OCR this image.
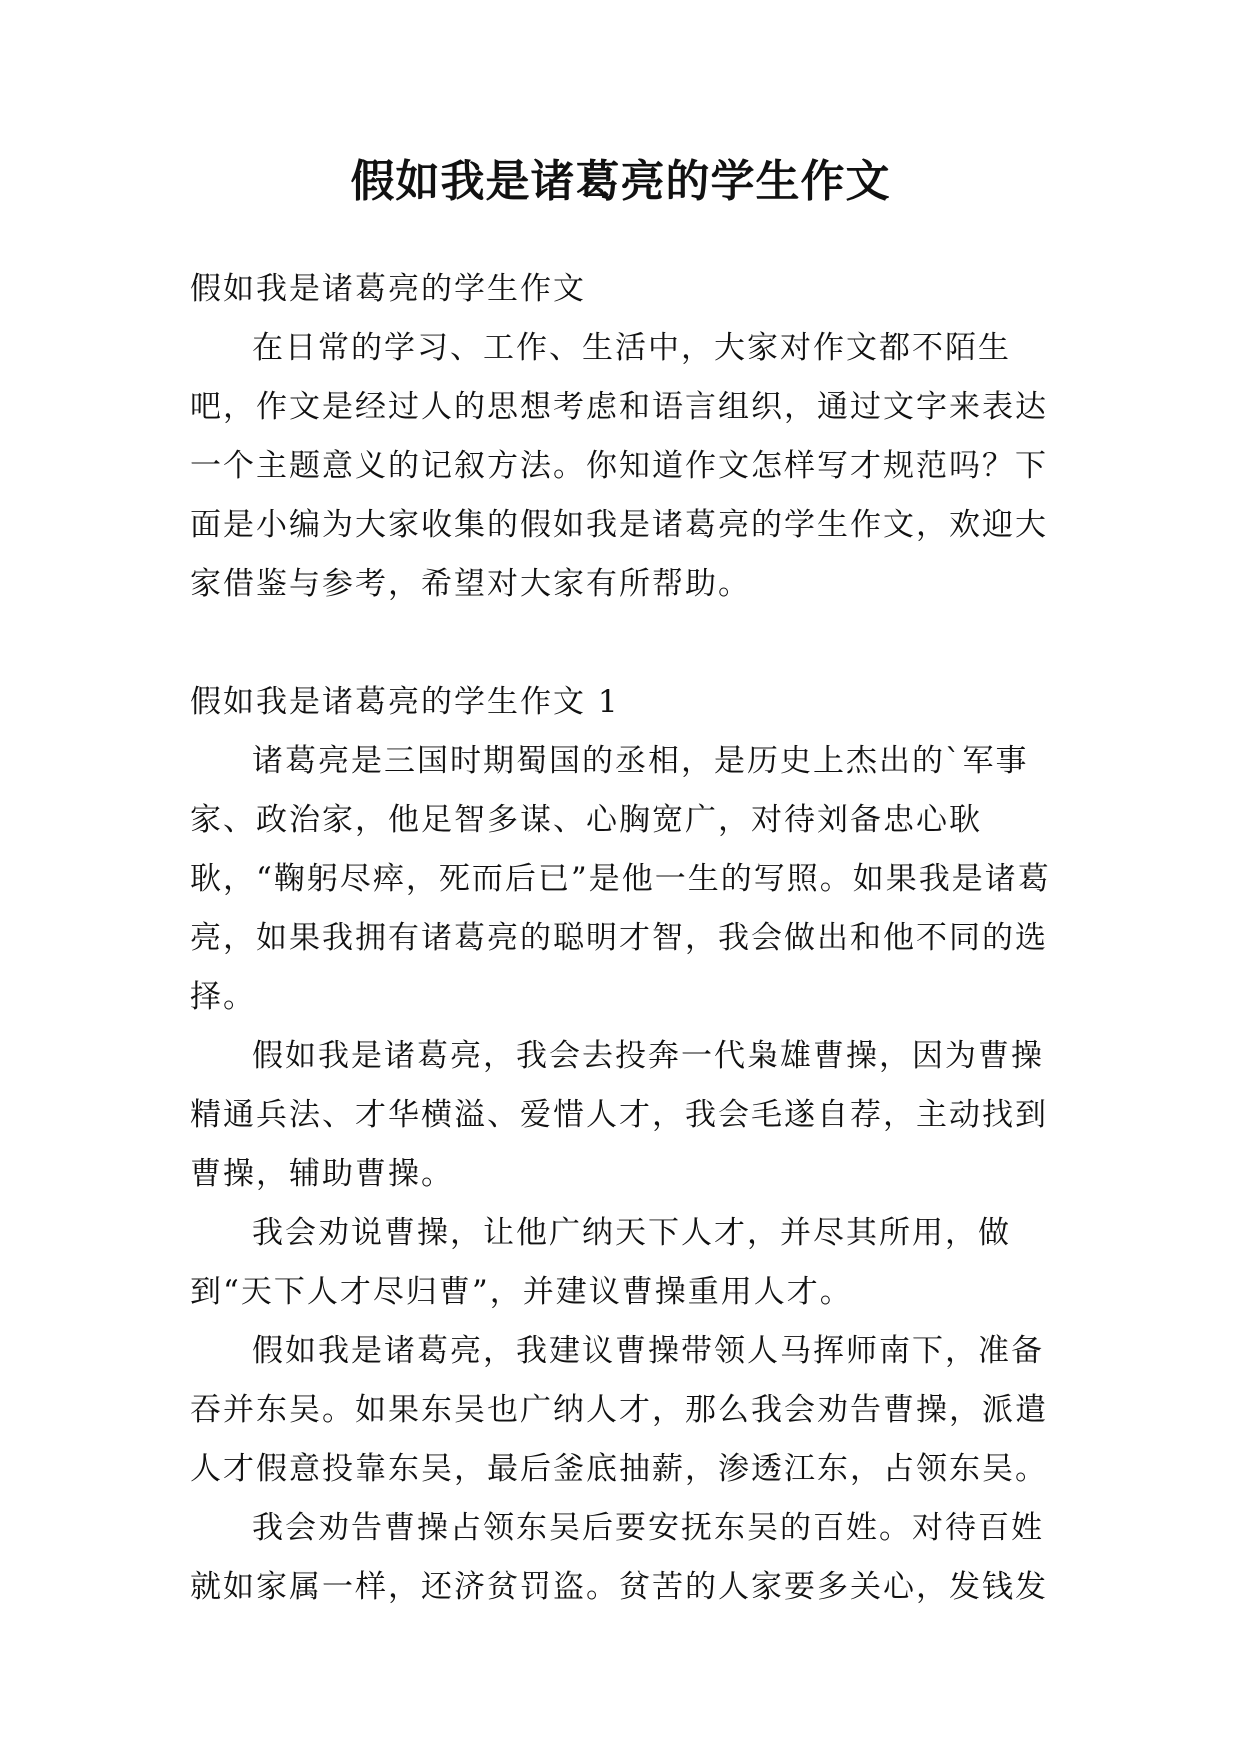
假如我是诸葛亮的学生作文

假如我是诸葛亮的学生作文

在日常的学习、工作、生活中，大家对作文都不陌生吧，作文是经过人的思想考虑和语言组织，通过文字来表达一个主题意义的记叙方法。你知道作文怎样写才规范吗？下面是小编为大家收集的假如我是诸葛亮的学生作文，欢迎大家借鉴与参考，希望对大家有所帮助。

假如我是诸葛亮的学生作文 1

诸葛亮是三国时期蜀国的丞相，是历史上杰出的`军事家、政治家，他足智多谋、心胸宽广，对待刘备忠心耿耿，“鞠躬尽瘁，死而后已”是他一生的写照。如果我是诸葛亮，如果我拥有诸葛亮的聪明才智，我会做出和他不同的选择。

假如我是诸葛亮，我会去投奔一代枭雄曹操，因为曹操精通兵法、才华横溢、爱惜人才，我会毛遂自荐，主动找到曹操，辅助曹操。

我会劝说曹操，让他广纳天下人才，并尽其所用，做到“天下人才尽归曹”，并建议曹操重用人才。

假如我是诸葛亮，我建议曹操带领人马挥师南下，准备吞并东吴。如果东吴也广纳人才，那么我会劝告曹操，派遣人才假意投靠东吴，最后釜底抽薪，渗透江东，占领东吴。

我会劝告曹操占领东吴后要安抚东吴的百姓。对待百姓就如家属一样，还济贫罚盗。贫苦的人家要多关心，发钱发
